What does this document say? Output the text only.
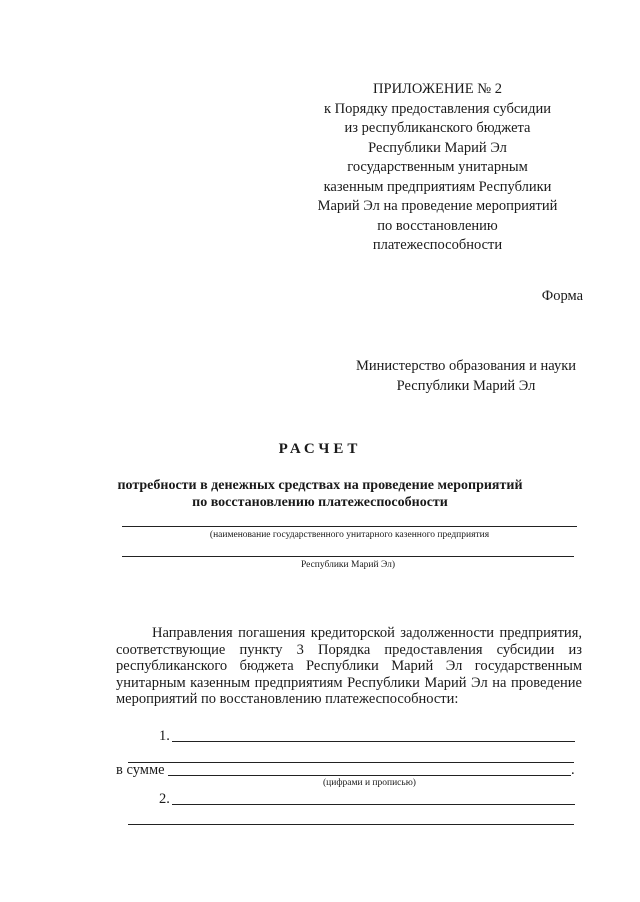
ПРИЛОЖЕНИЕ № 2
к Порядку предоставления субсидии
из республиканского бюджета
Республики Марий Эл
государственным унитарным
казенным предприятиям Республики
Марий Эл на проведение мероприятий
по восстановлению
платежеспособности
Форма
Министерство образования и науки
Республики Марий Эл
РАСЧЕТ
потребности в денежных средствах на проведение мероприятий
по восстановлению платежеспособности
(наименование государственного унитарного казенного предприятия
Республики Марий Эл)
Направления погашения кредиторской задолженности предприятия, соответствующие пункту 3 Порядка предоставления субсидии из республиканского бюджета Республики Марий Эл государственным унитарным казенным предприятиям Республики Марий Эл на проведение мероприятий по восстановлению платежеспособности:
1.
в сумме	.
(цифрами и прописью)
2.
